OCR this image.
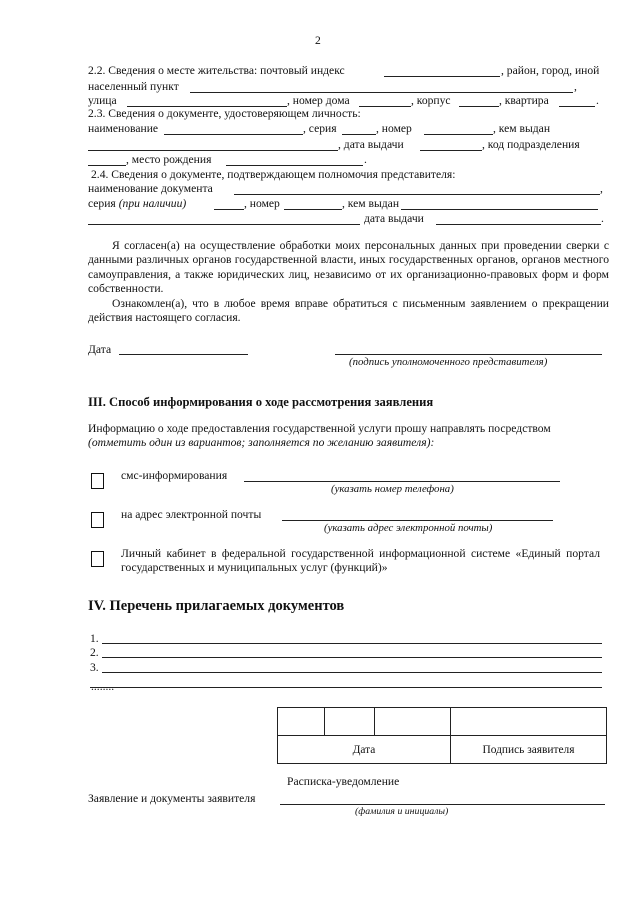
2
2.2. Сведения о месте жительства: почтовый индекс	, район, город, иной
населенный пункт	,
улица	, номер дома	, корпус	, квартира	.
2.3. Сведения о документе, удостоверяющем личность:
наименование	, серия	, номер	, кем выдан
, дата выдачи	, код подразделения
, место рождения	.
2.4. Сведения о документе, подтверждающем полномочия представителя:
наименование документа	,
серия (при наличии)	, номер	, кем выдан
дата выдачи	.
Я согласен(а) на осуществление обработки моих персональных данных при проведении сверки с данными различных органов государственной власти, иных государственных органов, органов местного самоуправления, а также юридических лиц, независимо от их организационно-правовых форм и форм собственности.
Ознакомлен(а), что в любое время вправе обратиться с письменным заявлением о прекращении действия настоящего согласия.
Дата
(подпись уполномоченного представителя)
III. Способ информирования о ходе рассмотрения заявления
Информацию о ходе предоставления государственной услуги прошу направлять посредством
(отметить один из вариантов; заполняется по желанию заявителя):
смс-информирования
(указать номер телефона)
на адрес электронной почты
(указать адрес электронной почты)
Личный кабинет в федеральной государственной информационной системе «Единый портал государственных и муниципальных услуг (функций)»
IV. Перечень прилагаемых документов
1.
2.
3.
........

Дата			Подпись заявителя
Расписка-уведомление
Заявление и документы заявителя
(фамилия и инициалы)
